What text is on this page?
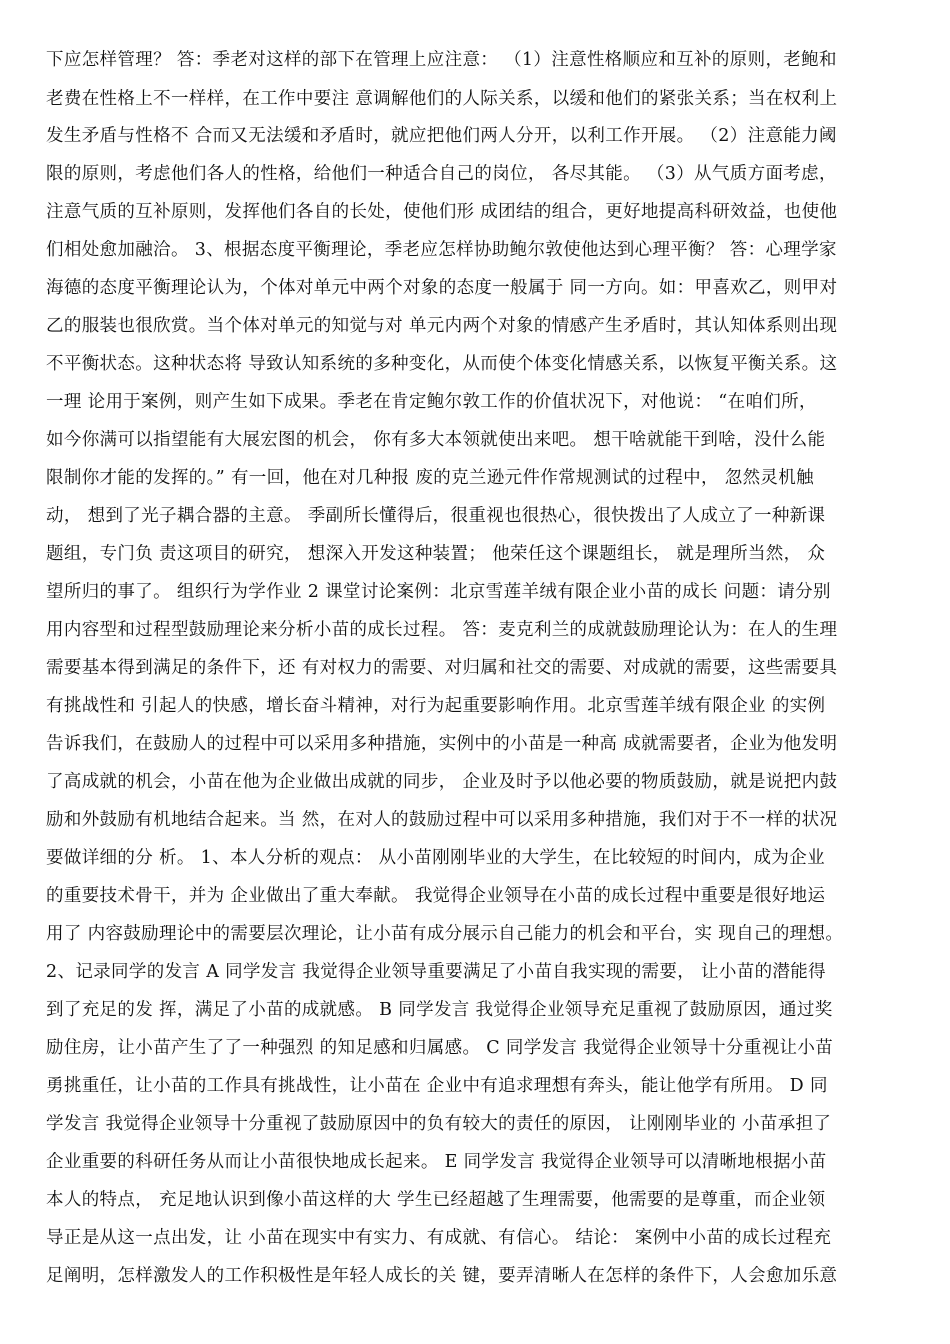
下应怎样管理？ 答：季老对这样的部下在管理上应注意： （1）注意性格顺应和互补的原则，老鲍和
老费在性格上不一样样，在工作中要注 意调解他们的人际关系，以缓和他们的紧张关系；当在权利上
发生矛盾与性格不 合而又无法缓和矛盾时，就应把他们两人分开，以利工作开展。 （2）注意能力阈
限的原则，考虑他们各人的性格，给他们一种适合自己的岗位， 各尽其能。 （3）从气质方面考虑，
注意气质的互补原则，发挥他们各自的长处，使他们形 成团结的组合，更好地提高科研效益，也使他
们相处愈加融洽。 3、根据态度平衡理论，季老应怎样协助鲍尔敦使他达到心理平衡？ 答：心理学家
海德的态度平衡理论认为，个体对单元中两个对象的态度一般属于 同一方向。如：甲喜欢乙，则甲对
乙的服装也很欣赏。当个体对单元的知觉与对 单元内两个对象的情感产生矛盾时，其认知体系则出现
不平衡状态。这种状态将 导致认知系统的多种变化，从而使个体变化情感关系，以恢复平衡关系。这
一理 论用于案例，则产生如下成果。季老在肯定鲍尔敦工作的价值状况下，对他说： “在咱们所，
如今你满可以指望能有大展宏图的机会， 你有多大本领就使出来吧。 想干啥就能干到啥，没什么能
限制你才能的发挥的。” 有一回，他在对几种报 废的克兰逊元件作常规测试的过程中， 忽然灵机触
动， 想到了光子耦合器的主意。 季副所长懂得后，很重视也很热心，很快拨出了人成立了一种新课
题组，专门负 责这项目的研究， 想深入开发这种装置； 他荣任这个课题组长， 就是理所当然， 众
望所归的事了。 组织行为学作业 2 课堂讨论案例：北京雪莲羊绒有限企业小苗的成长 问题：请分别
用内容型和过程型鼓励理论来分析小苗的成长过程。 答：麦克利兰的成就鼓励理论认为：在人的生理
需要基本得到满足的条件下，还 有对权力的需要、对归属和社交的需要、对成就的需要，这些需要具
有挑战性和 引起人的快感，增长奋斗精神，对行为起重要影响作用。北京雪莲羊绒有限企业 的实例
告诉我们，在鼓励人的过程中可以采用多种措施，实例中的小苗是一种高 成就需要者，企业为他发明
了高成就的机会，小苗在他为企业做出成就的同步， 企业及时予以他必要的物质鼓励，就是说把内鼓
励和外鼓励有机地结合起来。当 然，在对人的鼓励过程中可以采用多种措施，我们对于不一样的状况
要做详细的分 析。 1、本人分析的观点： 从小苗刚刚毕业的大学生，在比较短的时间内，成为企业
的重要技术骨干，并为 企业做出了重大奉献。 我觉得企业领导在小苗的成长过程中重要是很好地运
用了 内容鼓励理论中的需要层次理论，让小苗有成分展示自己能力的机会和平台，实 现自己的理想。
2、记录同学的发言 A 同学发言 我觉得企业领导重要满足了小苗自我实现的需要， 让小苗的潜能得
到了充足的发 挥，满足了小苗的成就感。 B 同学发言 我觉得企业领导充足重视了鼓励原因，通过奖
励住房，让小苗产生了了一种强烈 的知足感和归属感。 C 同学发言 我觉得企业领导十分重视让小苗
勇挑重任，让小苗的工作具有挑战性，让小苗在 企业中有追求理想有奔头，能让他学有所用。 D 同
学发言 我觉得企业领导十分重视了鼓励原因中的负有较大的责任的原因， 让刚刚毕业的 小苗承担了
企业重要的科研任务从而让小苗很快地成长起来。 E 同学发言 我觉得企业领导可以清晰地根据小苗
本人的特点， 充足地认识到像小苗这样的大 学生已经超越了生理需要，他需要的是尊重，而企业领
导正是从这一点出发，让 小苗在现实中有实力、有成就、有信心。 结论： 案例中小苗的成长过程充
足阐明，怎样激发人的工作积极性是年轻人成长的关 键，要弄清晰人在怎样的条件下，人会愈加乐意
